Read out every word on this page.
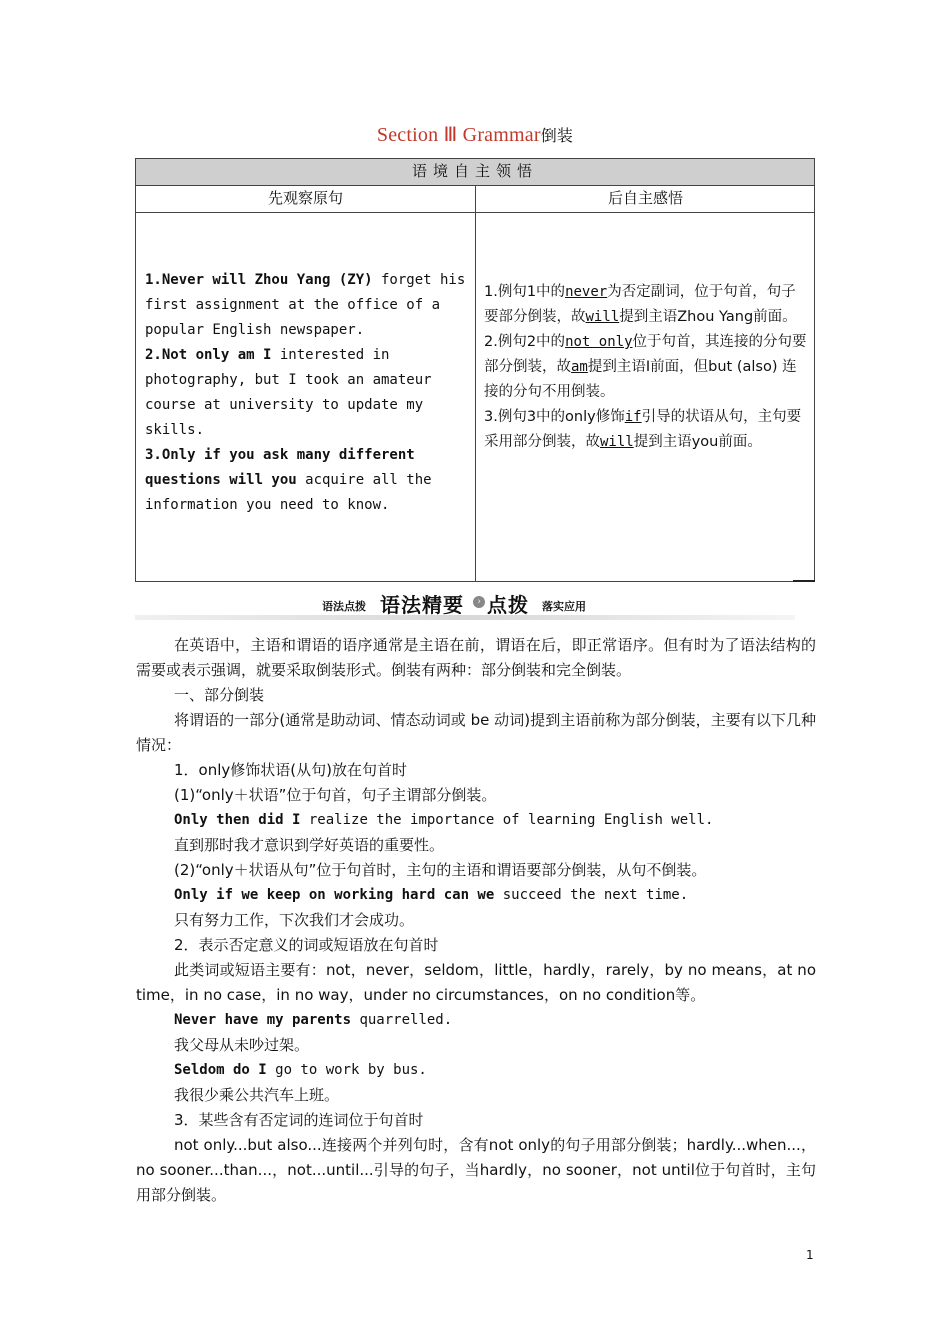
Section Ⅲ Grammar倒装
语境自主领悟
先观察原句	后自主感悟
1.Never will Zhou Yang (ZY) forget his first assignment at the office of a popular English newspaper.
2.Not only am I interested in photography, but I took an amateur course at university to update my skills.
3.Only if you ask many different questions will you acquire all the information you need to know.
1.例句1中的never为否定副词，位于句首，句子要部分倒装，故will提到主语Zhou Yang前面。
2.例句2中的not only位于句首，其连接的分句要部分倒装，故am提到主语I前面，但but (also) 连接的分句不用倒装。
3.例句3中的only修饰if引导的状语从句，主句要采用部分倒装，故will提到主语you前面。
语法点拨 语法精要	› 点拨 落实应用

在英语中，主语和谓语的语序通常是主语在前，谓语在后，即正常语序。但有时为了语法结构的需要或表示强调，就要采取倒装形式。倒装有两种：部分倒装和完全倒装。

一、部分倒装

将谓语的一部分(通常是助动词、情态动词或 be 动词)提到主语前称为部分倒装，主要有以下几种情况：

1．only修饰状语(从句)放在句首时

(1)“only＋状语”位于句首，句子主谓部分倒装。

Only then did I realize the importance of learning English well.

直到那时我才意识到学好英语的重要性。

(2)“only＋状语从句”位于句首时，主句的主语和谓语要部分倒装，从句不倒装。

Only if we keep on working hard can we succeed the next time.

只有努力工作，下次我们才会成功。

2．表示否定意义的词或短语放在句首时

此类词或短语主要有：not，never，seldom，little，hardly，rarely，by no means，at no time，in no case，in no way，under no circumstances，on no condition等。

Never have my parents quarrelled.

我父母从未吵过架。

Seldom do I go to work by bus.

我很少乘公共汽车上班。

3．某些含有否定词的连词位于句首时

not only...but also...连接两个并列句时，含有not only的句子用部分倒装；hardly...when...，no sooner...than...，not...until...引导的句子，当hardly，no sooner，not until位于句首时，主句用部分倒装。

1
